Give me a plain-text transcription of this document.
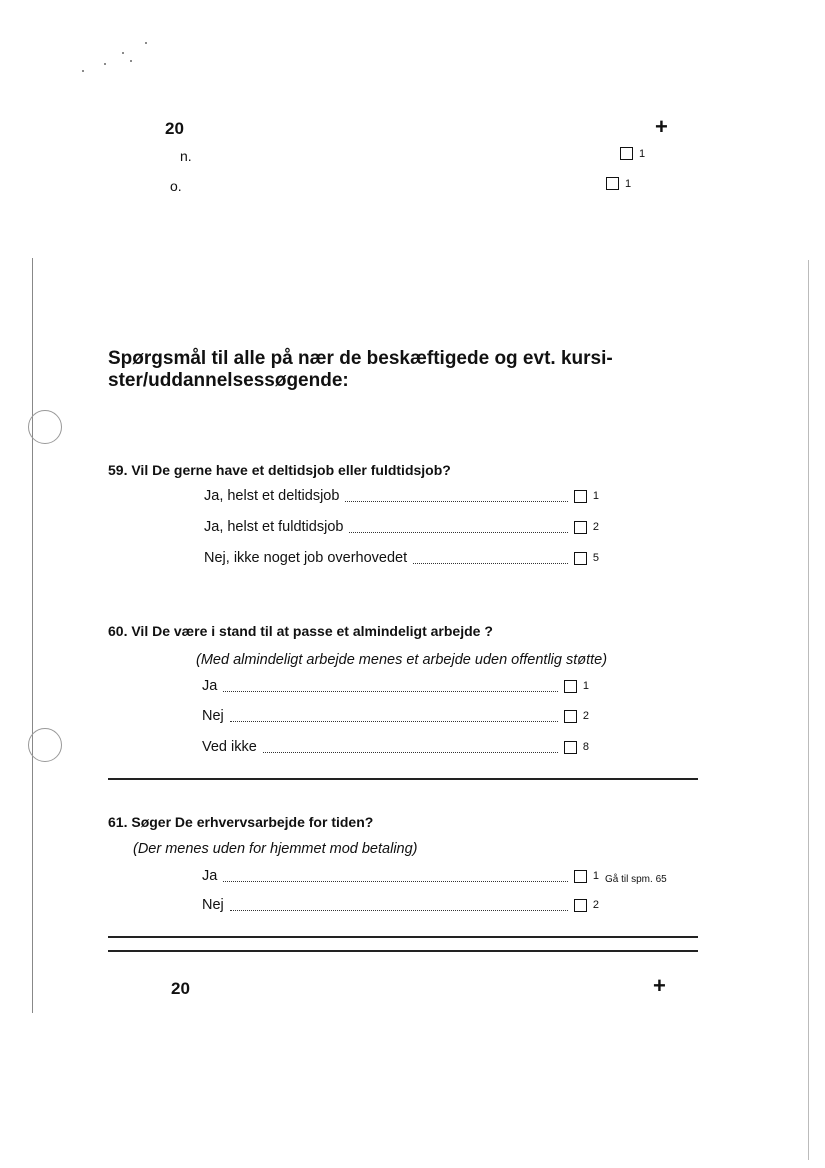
20	+
n.	1
o.	1
Spørgsmål til alle på nær de beskæftigede og evt. kursi-
ster/uddannelsessøgende:
59. Vil De gerne have et deltidsjob eller fuldtidsjob?
Ja, helst et deltidsjob	1
Ja, helst et fuldtidsjob	2
Nej, ikke noget job overhovedet	5
60. Vil De være i stand til at passe et almindeligt arbejde ?
(Med almindeligt arbejde menes et arbejde uden offentlig støtte)
Ja	1
Nej	2
Ved ikke	8
61. Søger De erhvervsarbejde for tiden?
(Der menes uden for hjemmet mod betaling)
Ja	1 Gå til spm. 65
Nej	2
20	+
